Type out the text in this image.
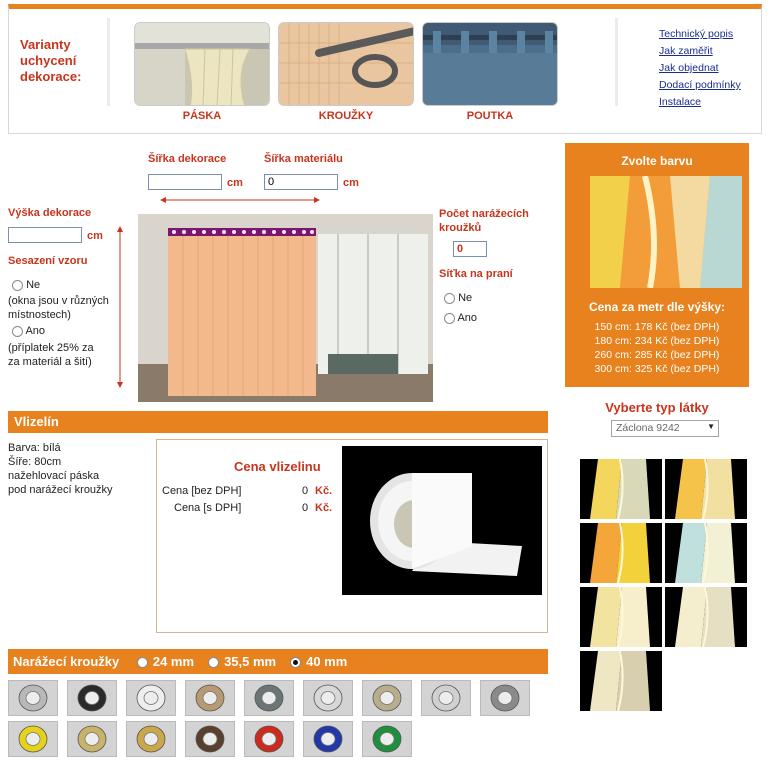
Varianty uchycení dekorace:
PÁSKA	KROUŽKY	POUTKA
Technický popis
Jak zaměřit
Jak objednat
Dodací podmínky
Instalace
Šířka dekorace
cm
Šířka materiálu
0
cm
Výška dekorace
cm
Sesazení vzoru
Ne
(okna jsou v různých místnostech)
Ano
(příplatek 25% za za materiál a šití)
Počet narážecích kroužků
0
Síťka na praní
Ne
Ano
Zvolte barvu
Cena za metr dle výšky:
150 cm: 178 Kč (bez DPH)
180 cm: 234 Kč (bez DPH)
260 cm: 285 Kč (bez DPH)
300 cm: 325 Kč (bez DPH)
Vyberte typ látky
Záclona 9242	▼
Vlizelín
Barva: bílá
Šíře: 80cm
nažehlovací páska
pod narážecí kroužky
Cena vlizelinu
Cena [bez DPH]	0 Kč.
Cena [s DPH]	0 Kč.
Narážecí kroužky	24 mm 35,5 mm 40 mm
